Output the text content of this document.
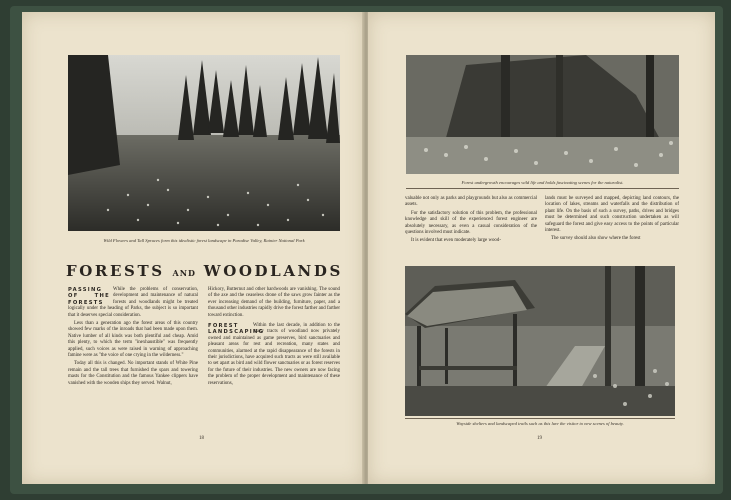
Wild Flowers and Tall Spruces form this idealistic forest landscape in Paradise Valley, Rainier National Park
FORESTS AND WOODLANDS

PASSING OF THE FORESTS
While the problems of conservation, development and maintenance of natural forests and woodlands might be treated logically under the heading of Parks, the subject is so important that it deserves special consideration.

Less than a generation ago the forest areas of this country showed few marks of the inroads that had been made upon them. Native lumber of all kinds was both plentiful and cheap. Amid this plenty, to which the term "inexhaustible" was frequently applied, such voices as were raised in warning of approaching famine were as "the voice of one crying in the wilderness."

Today all this is changed. No important stands of White Pine remain and the tall trees that furnished the spars and towering masts for the Constitution and the famous Yankee clippers have vanished with the wooden ships they served. Walnut,

Hickory, Butternut and other hardwoods are vanishing. The sound of the axe and the ceaseless drone of the saws grow fainter as the ever increasing demand of the building, furniture, paper, and a thousand other industries rapidly drive the forest farther and farther toward extinction.

FOREST LANDSCAPING
Within the last decade, in addition to the many tracts of woodland now privately owned and maintained as game preserves, bird sanctuaries and pleasant areas for rest and recreation, many states and communities, alarmed at the rapid disappearance of the forests in their jurisdictions, have acquired such tracts as were still available to set apart as bird and wild flower sanctuaries or as forest reserves for the future of their industries. The new owners are now facing the problem of the proper development and maintenance of these reservations,

18
Forest undergrowth encourages wild life and holds fascinating scenes for the naturalist.

valuable not only as parks and playgrounds but also as commercial assets.

For the satisfactory solution of this problem, the professional knowledge and skill of the experienced forest engineer are absolutely necessary, as even a casual consideration of the questions involved must indicate.

It is evident that even moderately large wood-

lands must be surveyed and mapped, depicting land contours, the location of lakes, streams and waterfalls and the distribution of plant life. On the basis of such a survey, paths, drives and bridges must be determined and such construction undertaken as will safeguard the forest and give easy access to the points of particular interest.

The survey should also show where the forest

Wayside shelters and landscaped trails such as this lure the visitor to new scenes of beauty.
19
